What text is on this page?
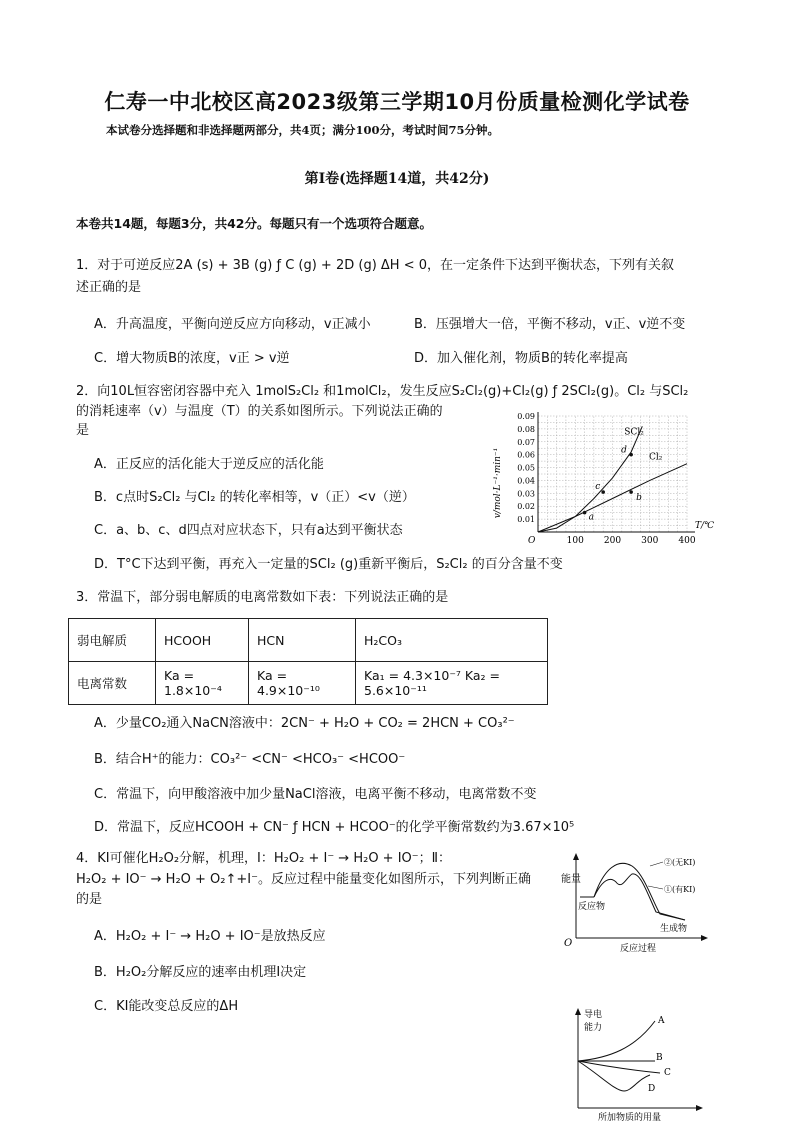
仁寿一中北校区高2023级第三学期10月份质量检测化学试卷
本试卷分选择题和非选择题两部分，共4页；满分100分，考试时间75分钟。
第Ⅰ卷(选择题14道，共42分)
本卷共14题，每题3分，共42分。每题只有一个选项符合题意。
1．对于可逆反应2A (s) + 3B (g) ƒ C (g) + 2D (g) ΔH < 0，在一定条件下达到平衡状态，下列有关叙
述正确的是
A．升高温度，平衡向逆反应方向移动，v正减小	B．压强增大一倍，平衡不移动，v正、v逆不变
C．增大物质B的浓度，v正 > v逆	D．加入催化剂，物质B的转化率提高
2．向10L恒容密闭容器中充入 1molS₂Cl₂ 和1molCl₂，发生反应S₂Cl₂(g)+Cl₂(g) ƒ 2SCl₂(g)。Cl₂ 与SCl₂
的消耗速率（v）与温度（T）的关系如图所示。下列说法正确的
是
A．正反应的活化能大于逆反应的活化能
B．c点时S₂Cl₂ 与Cl₂ 的转化率相等，v（正）<v（逆）
C．a、b、c、d四点对应状态下，只有a达到平衡状态
D．T°C下达到平衡，再充入一定量的SCl₂ (g)重新平衡后，S₂Cl₂ 的百分含量不变
100 200 300 400
0.01
0.02
0.03
0.04
0.05
0.06
0.07
0.08
0.09
O
T/℃
v/mol·L⁻¹·min⁻¹
SCl₂
Cl₂
a
b
c
d
3．常温下，部分弱电解质的电离常数如下表：下列说法正确的是
弱电解质	HCOOH	HCN	H₂CO₃
电离常数	Ka = 1.8×10⁻⁴	Ka = 4.9×10⁻¹⁰	Ka₁ = 4.3×10⁻⁷ Ka₂ = 5.6×10⁻¹¹
A．少量CO₂通入NaCN溶液中：2CN⁻ + H₂O + CO₂ = 2HCN + CO₃²⁻
B．结合H⁺的能力：CO₃²⁻ <CN⁻ <HCO₃⁻ <HCOO⁻
C．常温下，向甲酸溶液中加少量NaCl溶液，电离平衡不移动，电离常数不变
D．常温下，反应HCOOH + CN⁻ ƒ HCN + HCOO⁻的化学平衡常数约为3.67×10⁵
4．KI可催化H₂O₂分解，机理，Ⅰ：H₂O₂ + I⁻ → H₂O + IO⁻；Ⅱ：
H₂O₂ + IO⁻ → H₂O + O₂↑+I⁻。反应过程中能量变化如图所示，下列判断正确
的是
A．H₂O₂ + I⁻ → H₂O + IO⁻是放热反应
B．H₂O₂分解反应的速率由机理Ⅰ决定
C．KI能改变总反应的ΔH
能量
O	反应过程
②(无KI)
①(有KI)
反应物
生成物
导电
能力
A
B
C
D
所加物质的用量
